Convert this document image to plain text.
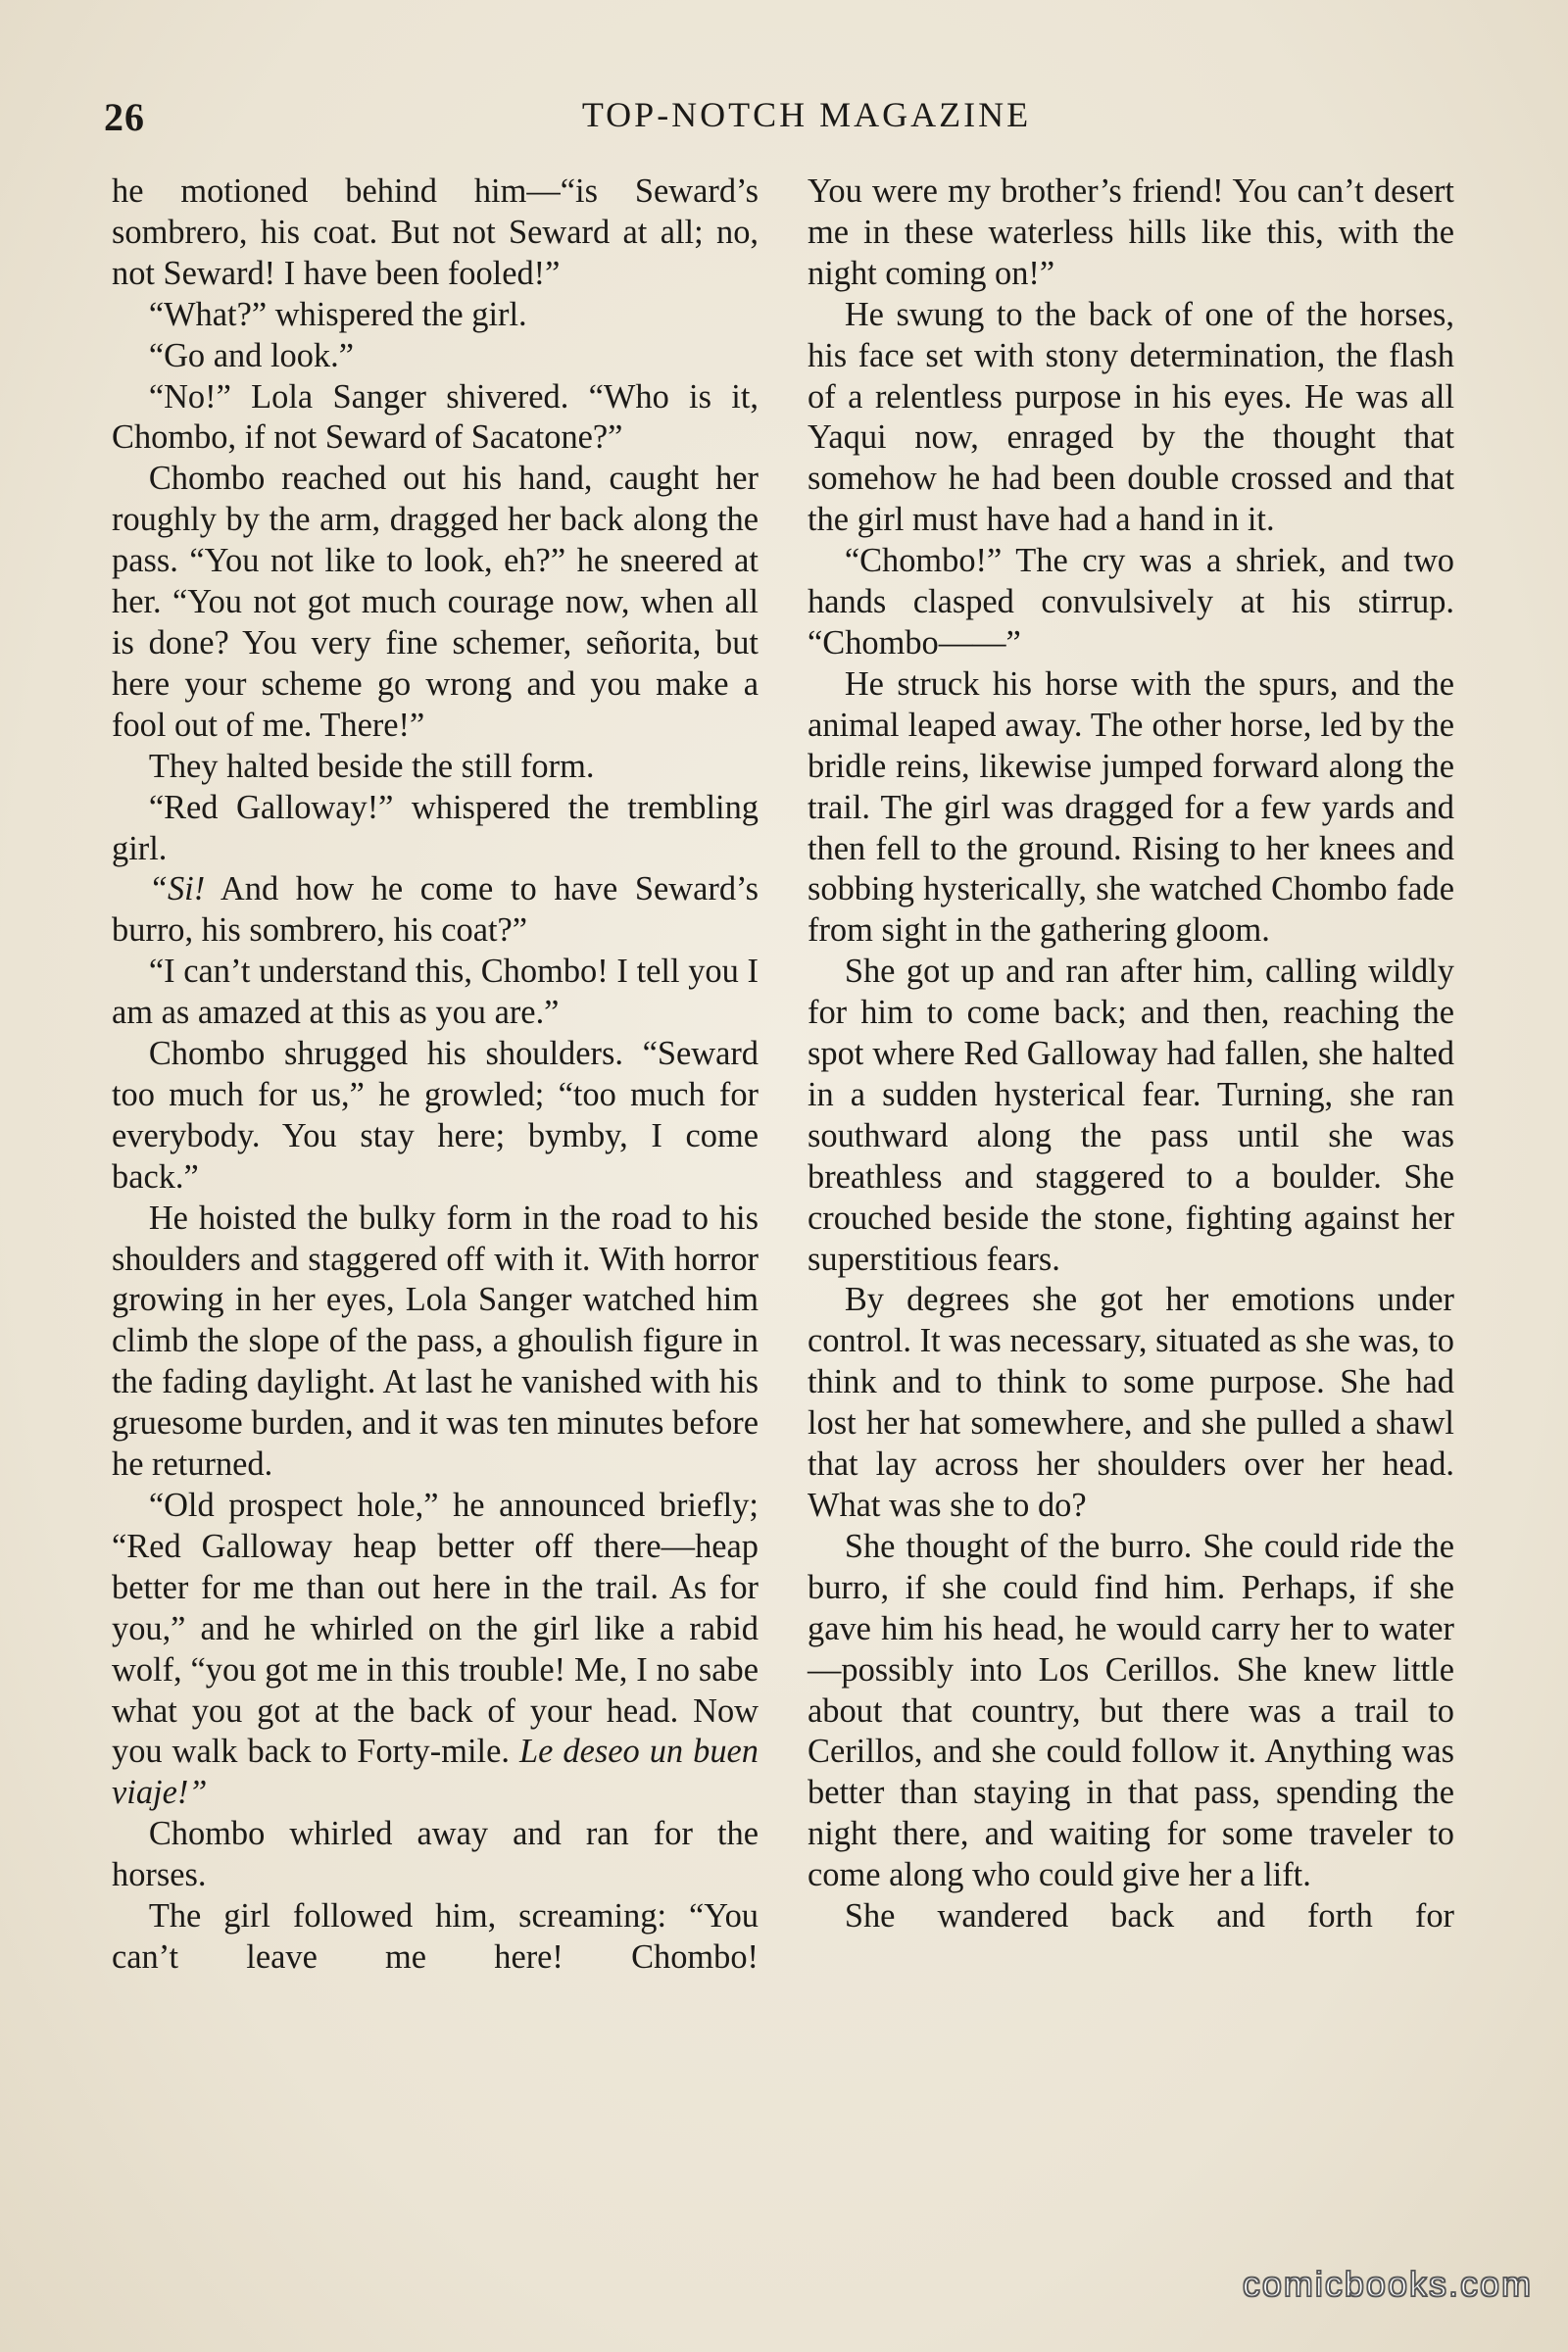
26	TOP-NOTCH MAGAZINE

he motioned behind him—“is Seward’s sombrero, his coat. But not Seward at all; no, not Seward! I have been fooled!”

“What?” whispered the girl.

“Go and look.”

“No!” Lola Sanger shivered. “Who is it, Chombo, if not Seward of Sacatone?”

Chombo reached out his hand, caught her roughly by the arm, dragged her back along the pass. “You not like to look, eh?” he sneered at her. “You not got much courage now, when all is done? You very fine schemer, señorita, but here your scheme go wrong and you make a fool out of me. There!”

They halted beside the still form.

“Red Galloway!” whispered the trembling girl.

“Si! And how he come to have Seward’s burro, his sombrero, his coat?”

“I can’t understand this, Chombo! I tell you I am as amazed at this as you are.”

Chombo shrugged his shoulders. “Seward too much for us,” he growled; “too much for everybody. You stay here; bymby, I come back.”

He hoisted the bulky form in the road to his shoulders and staggered off with it. With horror growing in her eyes, Lola Sanger watched him climb the slope of the pass, a ghoulish figure in the fading daylight. At last he vanished with his gruesome burden, and it was ten minutes before he returned.

“Old prospect hole,” he announced briefly; “Red Galloway heap better off there—heap better for me than out here in the trail. As for you,” and he whirled on the girl like a rabid wolf, “you got me in this trouble! Me, I no sabe what you got at the back of your head. Now you walk back to Forty-mile. Le deseo un buen viaje!”

Chombo whirled away and ran for the horses.

The girl followed him, screaming: “You can’t leave me here! Chombo!

You were my brother’s friend! You can’t desert me in these waterless hills like this, with the night coming on!”

He swung to the back of one of the horses, his face set with stony determination, the flash of a relentless purpose in his eyes. He was all Yaqui now, enraged by the thought that somehow he had been double crossed and that the girl must have had a hand in it.

“Chombo!” The cry was a shriek, and two hands clasped convulsively at his stirrup. “Chombo——”

He struck his horse with the spurs, and the animal leaped away. The other horse, led by the bridle reins, likewise jumped forward along the trail. The girl was dragged for a few yards and then fell to the ground. Rising to her knees and sobbing hysterically, she watched Chombo fade from sight in the gathering gloom.

She got up and ran after him, calling wildly for him to come back; and then, reaching the spot where Red Galloway had fallen, she halted in a sudden hysterical fear. Turning, she ran southward along the pass until she was breathless and staggered to a boulder. She crouched beside the stone, fighting against her superstitious fears.

By degrees she got her emotions under control. It was necessary, situated as she was, to think and to think to some purpose. She had lost her hat somewhere, and she pulled a shawl that lay across her shoulders over her head. What was she to do?

She thought of the burro. She could ride the burro, if she could find him. Perhaps, if she gave him his head, he would carry her to water—possibly into Los Cerillos. She knew little about that country, but there was a trail to Cerillos, and she could follow it. Anything was better than staying in that pass, spending the night there, and waiting for some traveler to come along who could give her a lift.

She wandered back and forth for

comicbooks.com
